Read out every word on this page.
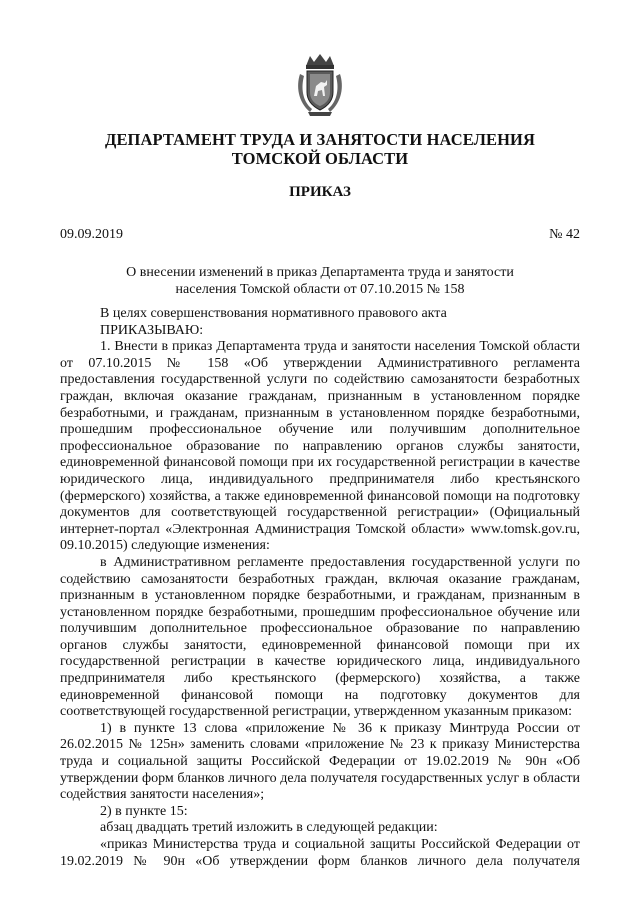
ДЕПАРТАМЕНТ ТРУДА И ЗАНЯТОСТИ НАСЕЛЕНИЯ
ТОМСКОЙ ОБЛАСТИ
ПРИКАЗ
09.09.2019	№ 42
О внесении изменений в приказ Департамента труда и занятости
населения Томской области от 07.10.2015 № 158

В целях совершенствования нормативного правового акта

ПРИКАЗЫВАЮ:

1. Внести в приказ Департамента труда и занятости населения Томской области от 07.10.2015 № 158 «Об утверждении Административного регламента предоставления государственной услуги по содействию самозанятости безработных граждан, включая оказание гражданам, признанным в установленном порядке безработными, и гражданам, признанным в установленном порядке безработными, прошедшим профессиональное обучение или получившим дополнительное профессиональное образование по направлению органов службы занятости, единовременной финансовой помощи при их государственной регистрации в качестве юридического лица, индивидуального предпринимателя либо крестьянского (фермерского) хозяйства, а также единовременной финансовой помощи на подготовку документов для соответствующей государственной регистрации» (Официальный интернет-портал «Электронная Администрация Томской области» www.tomsk.gov.ru, 09.10.2015) следующие изменения:

в Административном регламенте предоставления государственной услуги по содействию самозанятости безработных граждан, включая оказание гражданам, признанным в установленном порядке безработными, и гражданам, признанным в установленном порядке безработными, прошедшим профессиональное обучение или получившим дополнительное профессиональное образование по направлению органов службы занятости, единовременной финансовой помощи при их государственной регистрации в качестве юридического лица, индивидуального предпринимателя либо крестьянского (фермерского) хозяйства, а также единовременной финансовой помощи на подготовку документов для соответствующей государственной регистрации, утвержденном указанным приказом:

1) в пункте 13 слова «приложение № 36 к приказу Минтруда России от 26.02.2015 № 125н» заменить словами «приложение № 23 к приказу Министерства труда и социальной защиты Российской Федерации от 19.02.2019 № 90н «Об утверждении форм бланков личного дела получателя государственных услуг в области содействия занятости населения»;

2) в пункте 15:

абзац двадцать третий изложить в следующей редакции:

«приказ Министерства труда и социальной защиты Российской Федерации от 19.02.2019 № 90н «Об утверждении форм бланков личного дела получателя
